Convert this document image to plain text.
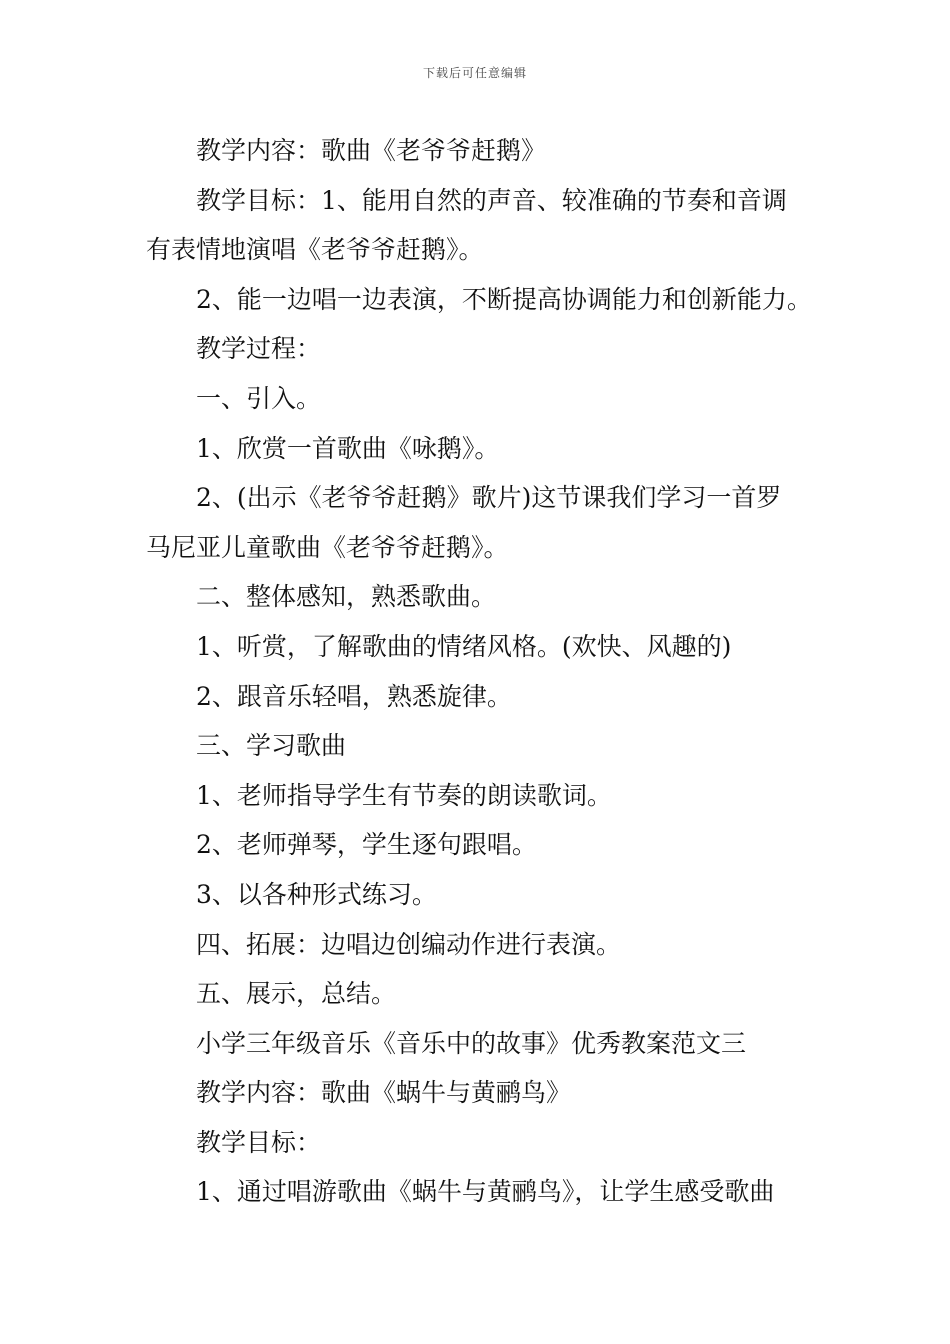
下载后可任意编辑

教学内容：歌曲《老爷爷赶鹅》

教学目标：1、能用自然的声音、较准确的节奏和音调
有表情地演唱《老爷爷赶鹅》。

2、能一边唱一边表演，不断提高协调能力和创新能力。

教学过程：

一、引入。

1、欣赏一首歌曲《咏鹅》。

2、(出示《老爷爷赶鹅》歌片)这节课我们学习一首罗
马尼亚儿童歌曲《老爷爷赶鹅》。

二、整体感知，熟悉歌曲。

1、听赏，了解歌曲的情绪风格。(欢快、风趣的)

2、跟音乐轻唱，熟悉旋律。

三、学习歌曲

1、老师指导学生有节奏的朗读歌词。

2、老师弹琴，学生逐句跟唱。

3、以各种形式练习。

四、拓展：边唱边创编动作进行表演。

五、展示，总结。

小学三年级音乐《音乐中的故事》优秀教案范文三

教学内容：歌曲《蜗牛与黄鹂鸟》

教学目标：

1、通过唱游歌曲《蜗牛与黄鹂鸟》，让学生感受歌曲
